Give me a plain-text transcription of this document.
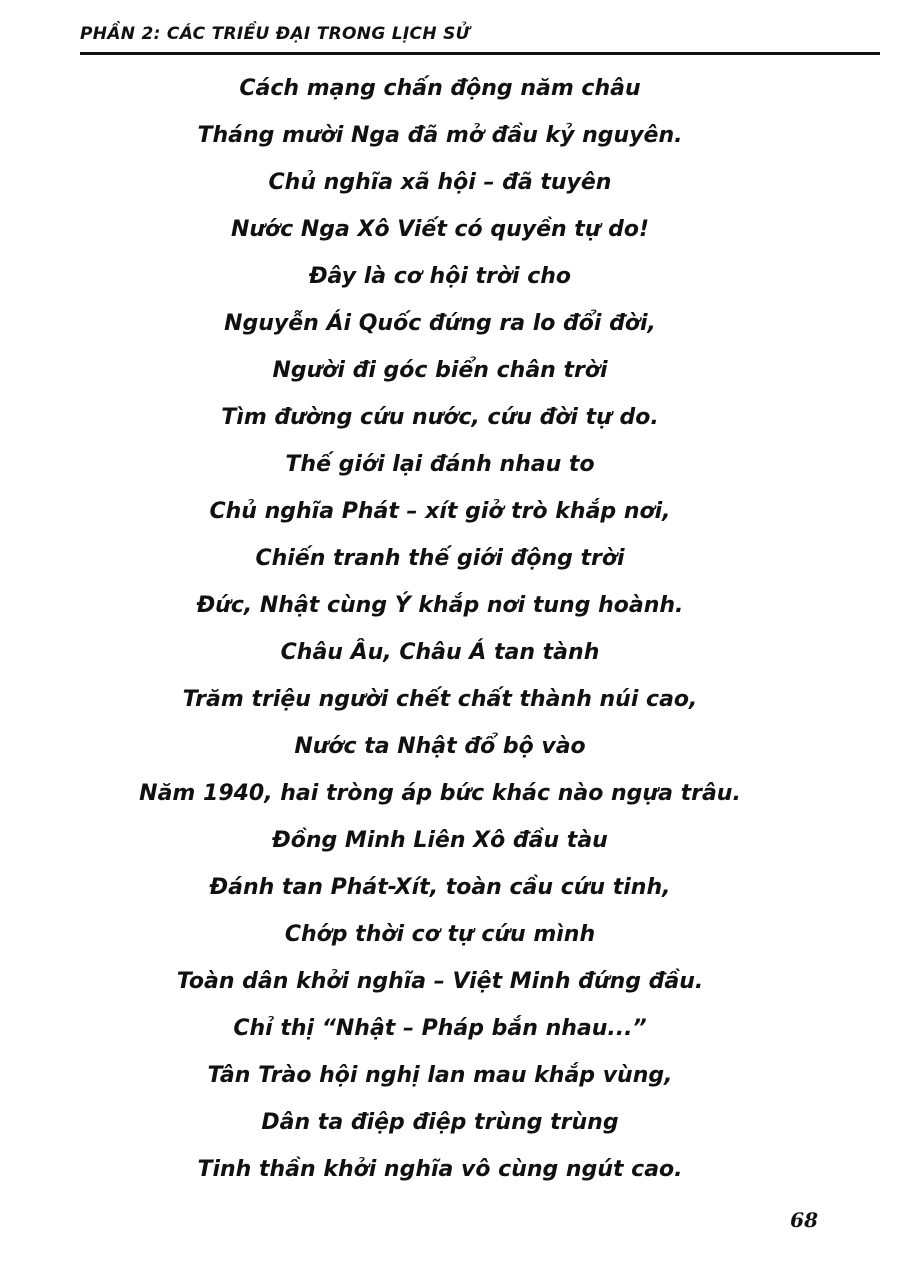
PHẦN 2: CÁC TRIỀU ĐẠI TRONG LỊCH SỬ
Cách mạng chấn động năm châu
Tháng mười Nga đã mở đầu kỷ nguyên.
Chủ nghĩa xã hội – đã tuyên
Nước Nga Xô Viết có quyền tự do!
Đây là cơ hội trời cho
Nguyễn Ái Quốc đứng ra lo đổi đời,
Người đi góc biển chân trời
Tìm đường cứu nước, cứu đời tự do.
Thế giới lại đánh nhau to
Chủ nghĩa Phát – xít giở trò khắp nơi,
Chiến tranh thế giới động trời
Đức, Nhật cùng Ý khắp nơi tung hoành.
Châu Âu, Châu Á tan tành
Trăm triệu người chết chất thành núi cao,
Nước ta Nhật đổ bộ vào
Năm 1940, hai tròng áp bức khác nào ngựa trâu.
Đồng Minh Liên Xô đầu tàu
Đánh tan Phát-Xít, toàn cầu cứu tinh,
Chớp thời cơ tự cứu mình
Toàn dân khởi nghĩa – Việt Minh đứng đầu.
Chỉ thị “Nhật – Pháp bắn nhau...”
Tân Trào hội nghị lan mau khắp vùng,
Dân ta điệp điệp trùng trùng
Tinh thần khởi nghĩa vô cùng ngút cao.
68
